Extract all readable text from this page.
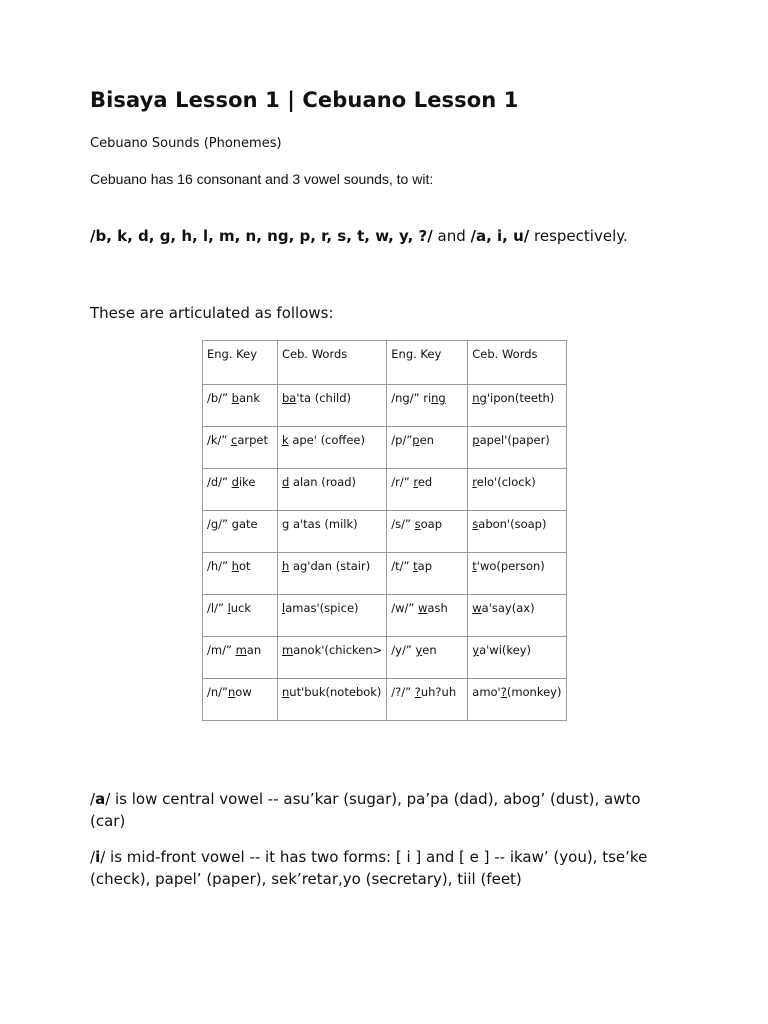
Bisaya Lesson 1 | Cebuano Lesson 1

Cebuano Sounds (Phonemes)

Cebuano has 16 consonant and 3 vowel sounds, to wit:

/b, k, d, g, h, l, m, n, ng, p, r, s, t, w, y, ?/ and /a, i, u/ respectively.

These are articulated as follows:

Eng. Key	Ceb. Words	Eng. Key	Ceb. Words
/b/” bank	ba'ta (child)	/ng/” ring	ng'ipon(teeth)
/k/” carpet	k ape' (coffee)	/p/”pen	papel'(paper)
/d/” dike	d alan (road)	/r/” red	relo'(clock)
/g/” gate	g a'tas (milk)	/s/” soap	sabon'(soap)
/h/” hot	h ag'dan (stair)	/t/” tap	t'wo(person)
/l/” luck	lamas'(spice)	/w/” wash	wa'say(ax)
/m/” man	manok'(chicken>	/y/” yen	ya'wi(key)
/n/”now	nut'buk(notebok)	/?/” ?uh?uh	amo'?(monkey)

/a/ is low central vowel -- asu’kar (sugar), pa’pa (dad), abog’ (dust), awto (car)

/i/ is mid-front vowel -- it has two forms: [ i ] and [ e ] -- ikaw’ (you), tse’ke (check), papel’ (paper), sek’retar,yo (secretary), tiil (feet)
